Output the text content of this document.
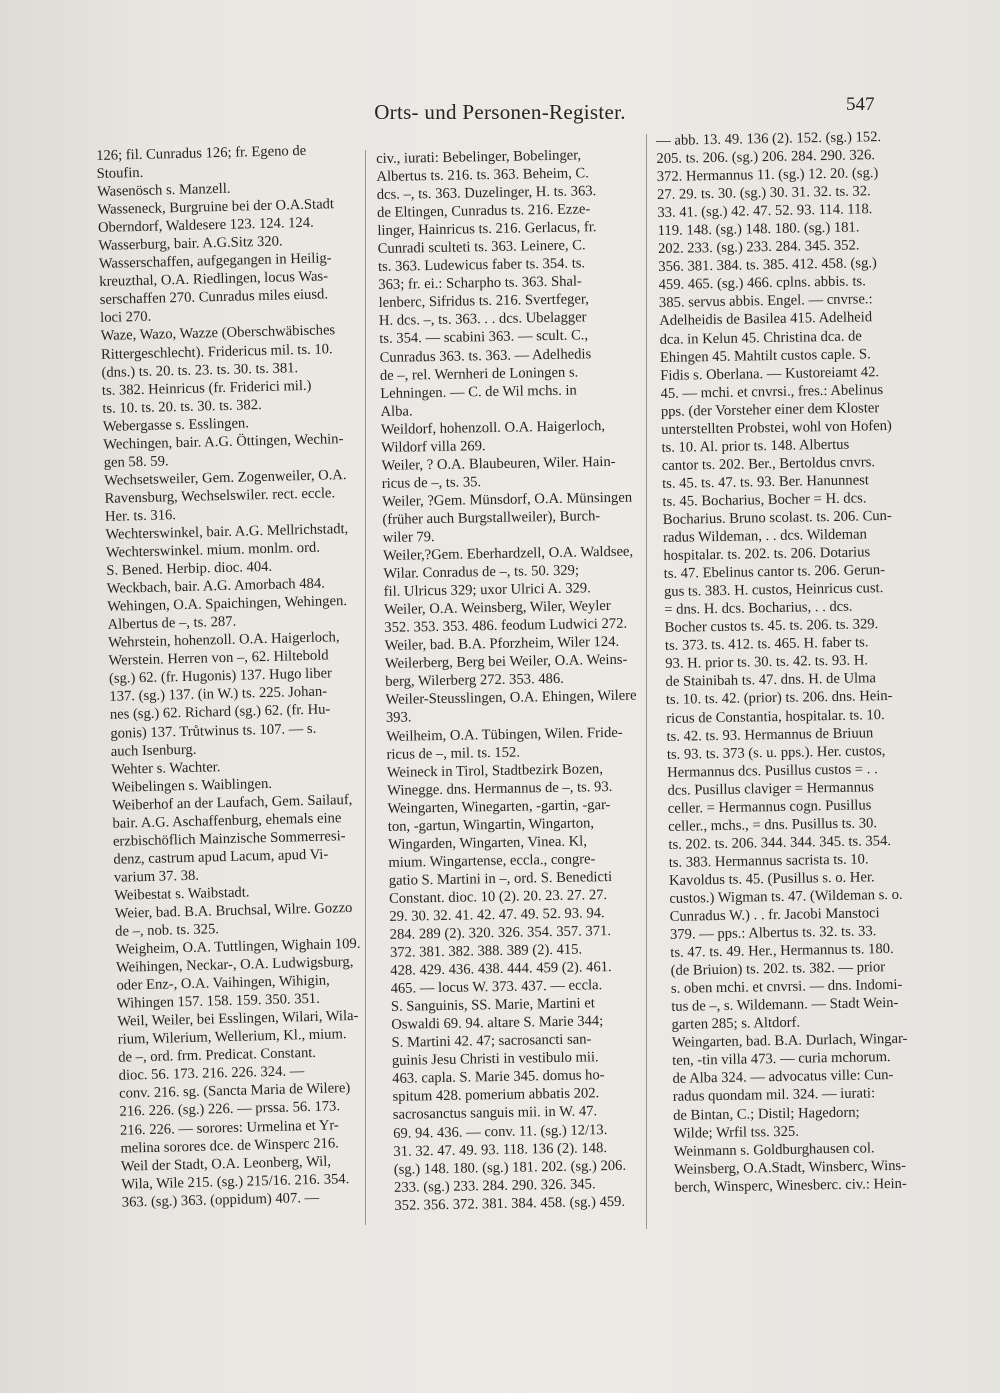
Orts- und Personen-Register.	547
126; fil. Cunradus 126; fr. Egeno de
Stoufin.
Wasenösch s. Manzell.
Wasseneck, Burgruine bei der O.A.Stadt
Oberndorf, Waldesere 123. 124. 124.
Wasserburg, bair. A.G.Sitz 320.
Wasserschaffen, aufgegangen in Heilig-
kreuzthal, O.A. Riedlingen, locus Was-
serschaffen 270. Cunradus miles eiusd.
loci 270.
Waze, Wazo, Wazze (Oberschwäbisches
Rittergeschlecht). Fridericus mil. ts. 10.
(dns.) ts. 20. ts. 23. ts. 30. ts. 381.
ts. 382. Heinricus (fr. Friderici mil.)
ts. 10. ts. 20. ts. 30. ts. 382.
Webergasse s. Esslingen.
Wechingen, bair. A.G. Öttingen, Wechin-
gen 58. 59.
Wechsetsweiler, Gem. Zogenweiler, O.A.
Ravensburg, Wechselswiler. rect. eccle.
Her. ts. 316.
Wechterswinkel, bair. A.G. Mellrichstadt,
Wechterswinkel. mium. monlm. ord.
S. Bened. Herbip. dioc. 404.
Weckbach, bair. A.G. Amorbach 484.
Wehingen, O.A. Spaichingen, Wehingen.
Albertus de –, ts. 287.
Wehrstein, hohenzoll. O.A. Haigerloch,
Werstein. Herren von –, 62. Hiltebold
(sg.) 62. (fr. Hugonis) 137. Hugo liber
137. (sg.) 137. (in W.) ts. 225. Johan-
nes (sg.) 62. Richard (sg.) 62. (fr. Hu-
gonis) 137. Trůtwinus ts. 107. — s.
auch Isenburg.
Wehter s. Wachter.
Weibelingen s. Waiblingen.
Weiberhof an der Laufach, Gem. Sailauf,
bair. A.G. Aschaffenburg, ehemals eine
erzbischöflich Mainzische Sommerresi-
denz, castrum apud Lacum, apud Vi-
varium 37. 38.
Weibestat s. Waibstadt.
Weier, bad. B.A. Bruchsal, Wilre. Gozzo
de –, nob. ts. 325.
Weigheim, O.A. Tuttlingen, Wighain 109.
Weihingen, Neckar-, O.A. Ludwigsburg,
oder Enz-, O.A. Vaihingen, Wihigin,
Wihingen 157. 158. 159. 350. 351.
Weil, Weiler, bei Esslingen, Wilari, Wila-
rium, Wilerium, Wellerium, Kl., mium.
de –, ord. frm. Predicat. Constant.
dioc. 56. 173. 216. 226. 324. —
conv. 216. sg. (Sancta Maria de Wilere)
216. 226. (sg.) 226. — prssa. 56. 173.
216. 226. — sorores: Urmelina et Yr-
melina sorores dce. de Winsperc 216.
Weil der Stadt, O.A. Leonberg, Wil,
Wila, Wile 215. (sg.) 215/16. 216. 354.
363. (sg.) 363. (oppidum) 407. —
civ., iurati: Bebelinger, Bobelinger,
Albertus ts. 216. ts. 363. Beheim, C.
dcs. –, ts. 363. Duzelinger, H. ts. 363.
de Eltingen, Cunradus ts. 216. Ezze-
linger, Hainricus ts. 216. Gerlacus, fr.
Cunradi sculteti ts. 363. Leinere, C.
ts. 363. Ludewicus faber ts. 354. ts.
363; fr. ei.: Scharpho ts. 363. Shal-
lenberc, Sifridus ts. 216. Svertfeger,
H. dcs. –, ts. 363. . . dcs. Ubelagger
ts. 354. — scabini 363. — scult. C.,
Cunradus 363. ts. 363. — Adelhedis
de –, rel. Wernheri de Loningen s.
Lehningen. — C. de Wil mchs. in
Alba.
Weildorf, hohenzoll. O.A. Haigerloch,
Wildorf villa 269.
Weiler, ? O.A. Blaubeuren, Wiler. Hain-
ricus de –, ts. 35.
Weiler, ?Gem. Münsdorf, O.A. Münsingen
(früher auch Burgstallweiler), Burch-
wiler 79.
Weiler,?Gem. Eberhardzell, O.A. Waldsee,
Wilar. Conradus de –, ts. 50. 329;
fil. Ulricus 329; uxor Ulrici A. 329.
Weiler, O.A. Weinsberg, Wiler, Weyler
352. 353. 353. 486. feodum Ludwici 272.
Weiler, bad. B.A. Pforzheim, Wiler 124.
Weilerberg, Berg bei Weiler, O.A. Weins-
berg, Wilerberg 272. 353. 486.
Weiler-Steusslingen, O.A. Ehingen, Wilere
393.
Weilheim, O.A. Tübingen, Wilen. Fride-
ricus de –, mil. ts. 152.
Weineck in Tirol, Stadtbezirk Bozen,
Winegge. dns. Hermannus de –, ts. 93.
Weingarten, Winegarten, -gartin, -gar-
ton, -gartun, Wingartin, Wingarton,
Wingarden, Wingarten, Vinea. Kl,
mium. Wingartense, eccla., congre-
gatio S. Martini in –, ord. S. Benedicti
Constant. dioc. 10 (2). 20. 23. 27. 27.
29. 30. 32. 41. 42. 47. 49. 52. 93. 94.
284. 289 (2). 320. 326. 354. 357. 371.
372. 381. 382. 388. 389 (2). 415.
428. 429. 436. 438. 444. 459 (2). 461.
465. — locus W. 373. 437. — eccla.
S. Sanguinis, SS. Marie, Martini et
Oswaldi 69. 94. altare S. Marie 344;
S. Martini 42. 47; sacrosancti san-
guinis Jesu Christi in vestibulo mii.
463. capla. S. Marie 345. domus ho-
spitum 428. pomerium abbatis 202.
sacrosanctus sanguis mii. in W. 47.
69. 94. 436. — conv. 11. (sg.) 12/13.
31. 32. 47. 49. 93. 118. 136 (2). 148.
(sg.) 148. 180. (sg.) 181. 202. (sg.) 206.
233. (sg.) 233. 284. 290. 326. 345.
352. 356. 372. 381. 384. 458. (sg.) 459.
— abb. 13. 49. 136 (2). 152. (sg.) 152.
205. ts. 206. (sg.) 206. 284. 290. 326.
372. Hermannus 11. (sg.) 12. 20. (sg.)
27. 29. ts. 30. (sg.) 30. 31. 32. ts. 32.
33. 41. (sg.) 42. 47. 52. 93. 114. 118.
119. 148. (sg.) 148. 180. (sg.) 181.
202. 233. (sg.) 233. 284. 345. 352.
356. 381. 384. ts. 385. 412. 458. (sg.)
459. 465. (sg.) 466. cplns. abbis. ts.
385. servus abbis. Engel. — cnvrse.:
Adelheidis de Basilea 415. Adelheid
dca. in Kelun 45. Christina dca. de
Ehingen 45. Mahtilt custos caple. S.
Fidis s. Oberlana. — Kustoreiamt 42.
45. — mchi. et cnvrsi., fres.: Abelinus
pps. (der Vorsteher einer dem Kloster
unterstellten Probstei, wohl von Hofen)
ts. 10. Al. prior ts. 148. Albertus
cantor ts. 202. Ber., Bertoldus cnvrs.
ts. 45. ts. 47. ts. 93. Ber. Hanunnest
ts. 45. Bocharius, Bocher = H. dcs.
Bocharius. Bruno scolast. ts. 206. Cun-
radus Wildeman, . . dcs. Wildeman
hospitalar. ts. 202. ts. 206. Dotarius
ts. 47. Ebelinus cantor ts. 206. Gerun-
gus ts. 383. H. custos, Heinricus cust.
= dns. H. dcs. Bocharius, . . dcs.
Bocher custos ts. 45. ts. 206. ts. 329.
ts. 373. ts. 412. ts. 465. H. faber ts.
93. H. prior ts. 30. ts. 42. ts. 93. H.
de Stainibah ts. 47. dns. H. de Ulma
ts. 10. ts. 42. (prior) ts. 206. dns. Hein-
ricus de Constantia, hospitalar. ts. 10.
ts. 42. ts. 93. Hermannus de Briuun
ts. 93. ts. 373 (s. u. pps.). Her. custos,
Hermannus dcs. Pusillus custos = . .
dcs. Pusillus claviger = Hermannus
celler. = Hermannus cogn. Pusillus
celler., mchs., = dns. Pusillus ts. 30.
ts. 202. ts. 206. 344. 344. 345. ts. 354.
ts. 383. Hermannus sacrista ts. 10.
Kavoldus ts. 45. (Pusillus s. o. Her.
custos.) Wigman ts. 47. (Wildeman s. o.
Cunradus W.) . . fr. Jacobi Manstoci
379. — pps.: Albertus ts. 32. ts. 33.
ts. 47. ts. 49. Her., Hermannus ts. 180.
(de Briuion) ts. 202. ts. 382. — prior
s. oben mchi. et cnvrsi. — dns. Indomi-
tus de –, s. Wildemann. — Stadt Wein-
garten 285; s. Altdorf.
Weingarten, bad. B.A. Durlach, Wingar-
ten, -tin villa 473. — curia mchorum.
de Alba 324. — advocatus ville: Cun-
radus quondam mil. 324. — iurati:
de Bintan, C.; Distil; Hagedorn;
Wilde; Wrfil tss. 325.
Weinmann s. Goldburghausen col.
Weinsberg, O.A.Stadt, Winsberc, Wins-
berch, Winsperc, Winesberc. civ.: Hein-
